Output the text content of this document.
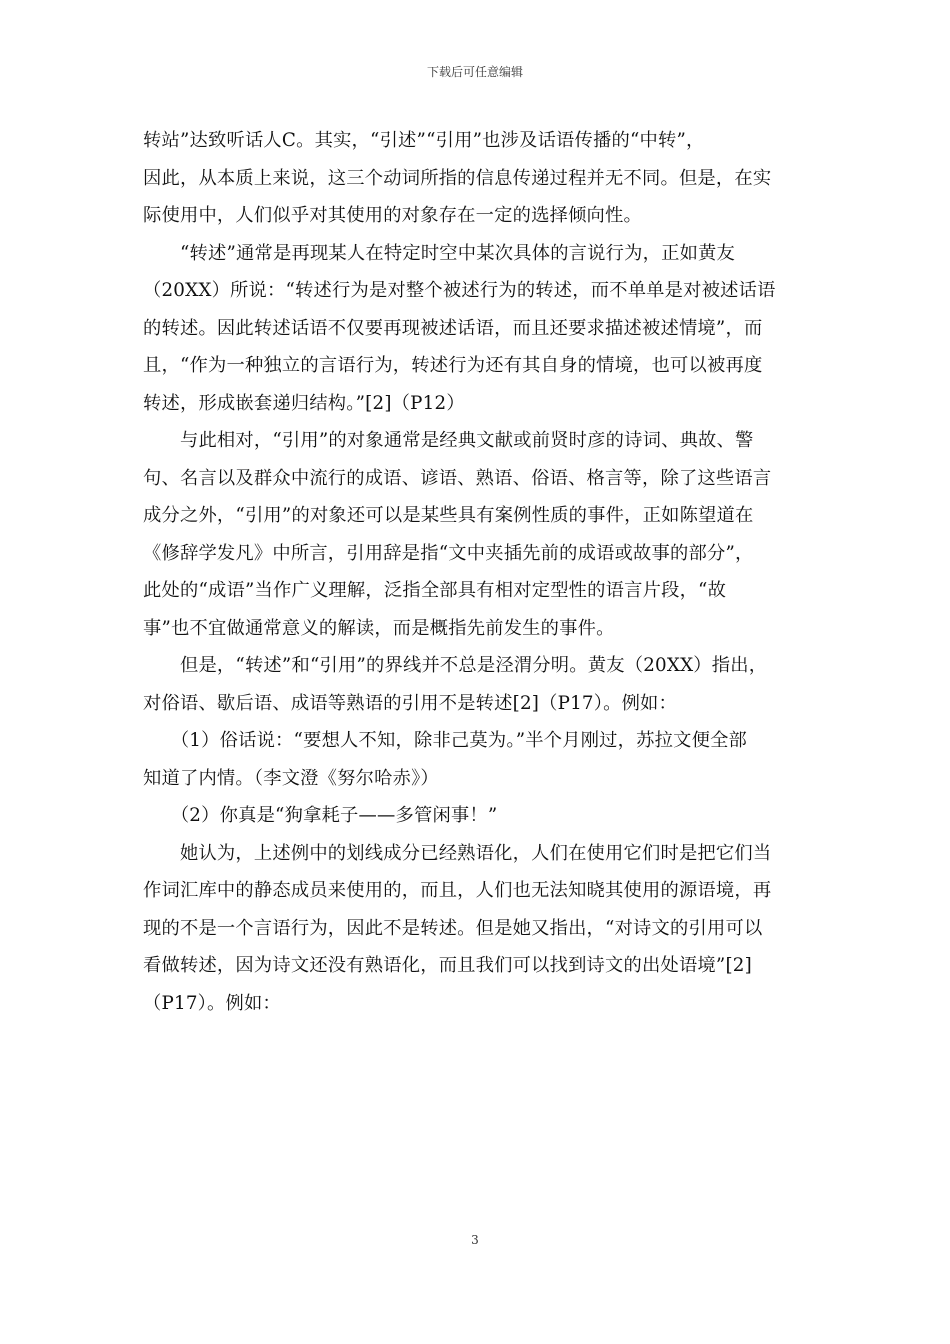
下载后可任意编辑
转站”达致听话人C。其实，“引述”“引用”也涉及话语传播的“中转”，
因此，从本质上来说，这三个动词所指的信息传递过程并无不同。但是，在实
际使用中，人们似乎对其使用的对象存在一定的选择倾向性。
　　“转述”通常是再现某人在特定时空中某次具体的言说行为，正如黄友
（20XX）所说：“转述行为是对整个被述行为的转述，而不单单是对被述话语
的转述。因此转述话语不仅要再现被述话语，而且还要求描述被述情境”，而
且，“作为一种独立的言语行为，转述行为还有其自身的情境，也可以被再度
转述，形成嵌套递归结构。”[2]（P12）
　　与此相对，“引用”的对象通常是经典文献或前贤时彦的诗词、典故、警
句、名言以及群众中流行的成语、谚语、熟语、俗语、格言等，除了这些语言
成分之外，“引用”的对象还可以是某些具有案例性质的事件，正如陈望道在
《修辞学发凡》中所言，引用辞是指“文中夹插先前的成语或故事的部分”，
此处的“成语”当作广义理解，泛指全部具有相对定型性的语言片段，“故
事”也不宜做通常意义的解读，而是概指先前发生的事件。
　　但是，“转述”和“引用”的界线并不总是泾渭分明。黄友（20XX）指出，
对俗语、歇后语、成语等熟语的引用不是转述[2]（P17）。例如：
　　（1）俗话说：“要想人不知，除非己莫为。”半个月刚过，苏拉文便全部
知道了内情。（李文澄《努尔哈赤》）
　　（2）你真是“狗拿耗子——多管闲事！”
　　她认为，上述例中的划线成分已经熟语化，人们在使用它们时是把它们当
作词汇库中的静态成员来使用的，而且，人们也无法知晓其使用的源语境，再
现的不是一个言语行为，因此不是转述。但是她又指出，“对诗文的引用可以
看做转述，因为诗文还没有熟语化，而且我们可以找到诗文的出处语境”[2]
（P17）。例如：
3
